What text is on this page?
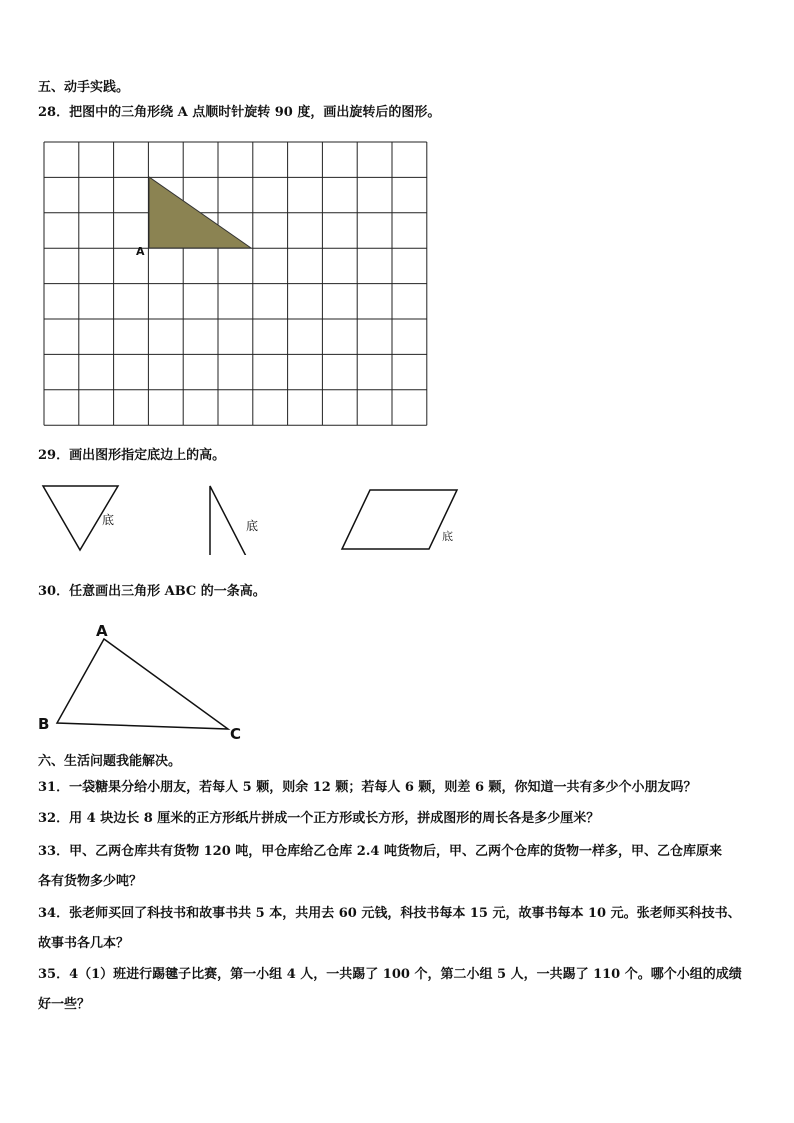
五、动手实践。
28．把图中的三角形绕 A 点顺时针旋转 90 度，画出旋转后的图形。
A
29．画出图形指定底边上的高。
底	底
底
30．任意画出三角形 ABC 的一条高。
A
B
C
六、生活问题我能解决。
31．一袋糖果分给小朋友，若每人 5 颗，则余 12 颗；若每人 6 颗，则差 6 颗，你知道一共有多少个小朋友吗？
32．用 4 块边长 8 厘米的正方形纸片拼成一个正方形或长方形，拼成图形的周长各是多少厘米？
33．甲、乙两仓库共有货物 120 吨，甲仓库给乙仓库 2.4 吨货物后，甲、乙两个仓库的货物一样多，甲、乙仓库原来
各有货物多少吨？
34．张老师买回了科技书和故事书共 5 本，共用去 60 元钱，科技书每本 15 元，故事书每本 10 元。张老师买科技书、
故事书各几本？
35．4（1）班进行踢毽子比赛，第一小组 4 人，一共踢了 100 个，第二小组 5 人，一共踢了 110 个。哪个小组的成绩
好一些？
